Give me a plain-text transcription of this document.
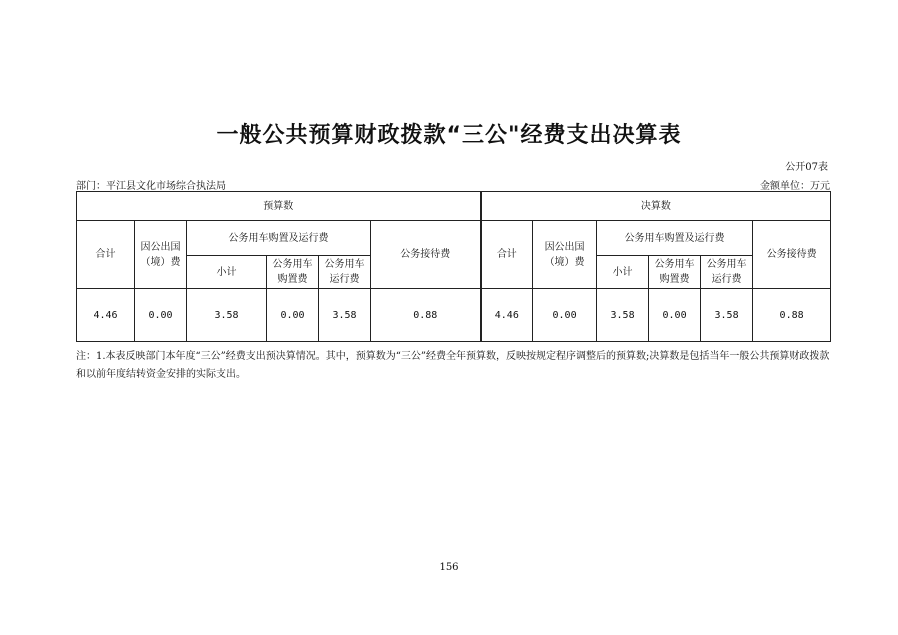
一般公共预算财政拨款“三公"经费支出决算表
公开07表
部门：平江县文化市场综合执法局	金额单位：万元
预算数						决算数					
合计	因公出国（境）费	公务用车购置及运行费			公务接待费	合计	因公出国（境）费	公务用车购置及运行费			公务接待费
		小计	公务用车购置费	公务用车运行费				小计	公务用车购置费	公务用车运行费	
4.46	0.00	3.58	0.00	3.58	0.88	4.46	0.00	3.58	0.00	3.58	0.88
注：1.本表反映部门本年度“三公”经费支出预决算情况。其中，预算数为“三公”经费全年预算数，反映按规定程序调整后的预算数;决算数是包括当年一般公共预算财政拨款和以前年度结转资金安排的实际支出。
156
